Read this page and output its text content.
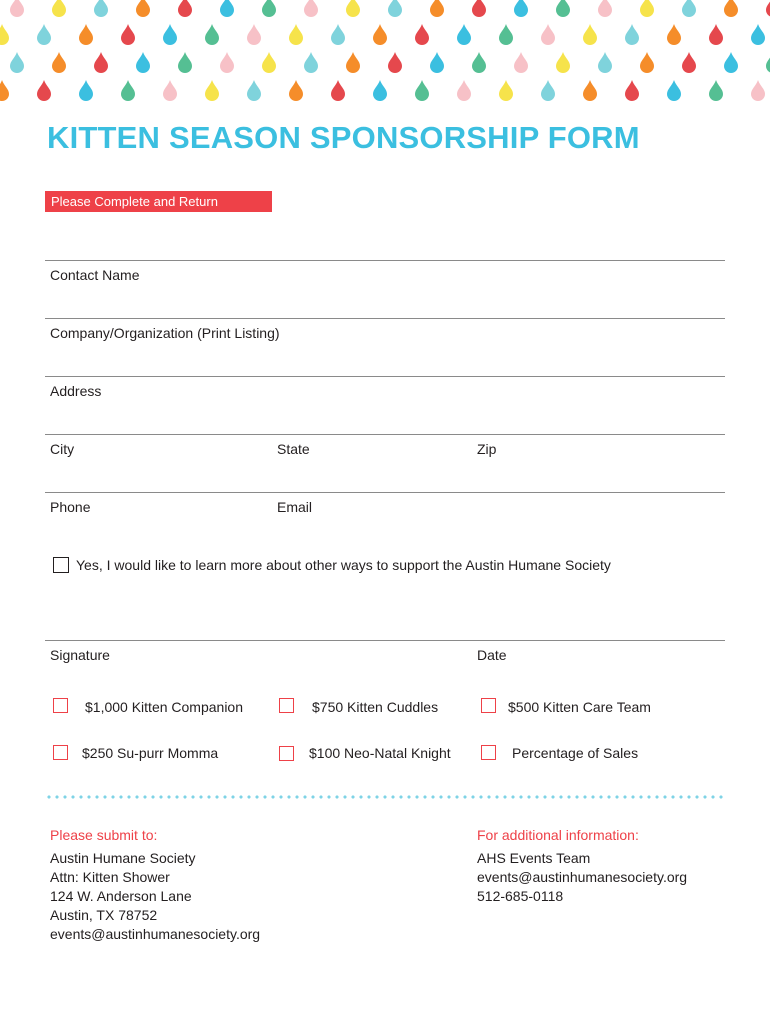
KITTEN SEASON SPONSORSHIP FORM
Please Complete and Return
Contact Name
Company/Organization (Print Listing)
Address
City	State	Zip
Phone	Email
Yes, I would like to learn more about other ways to support the Austin Humane Society
Signature	Date
$1,000 Kitten Companion	$750 Kitten Cuddles	$500 Kitten Care Team
$250 Su-purr Momma	$100 Neo-Natal Knight	Percentage of Sales
Please submit to:
Austin Humane Society
Attn: Kitten Shower
124 W. Anderson Lane
Austin, TX 78752
events@austinhumanesociety.org
For additional information:
AHS Events Team
events@austinhumanesociety.org
512-685-0118
